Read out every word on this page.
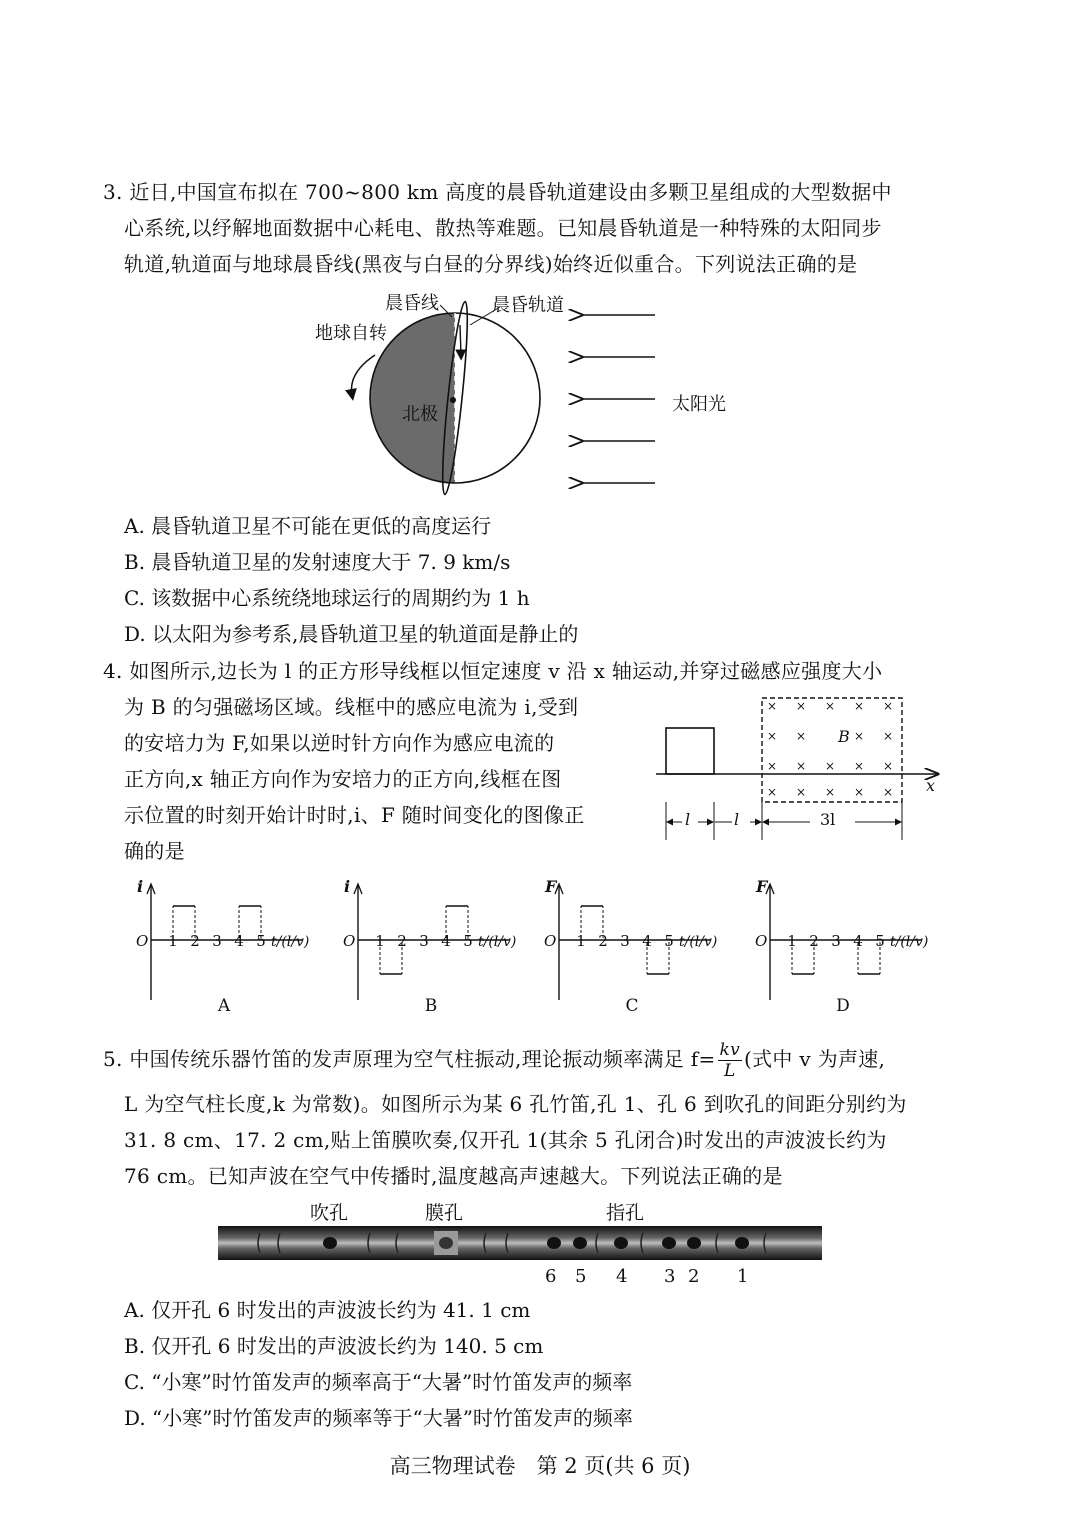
3. 近日,中国宣布拟在 700~800 km 高度的晨昏轨道建设由多颗卫星组成的大型数据中
心系统,以纾解地面数据中心耗电、散热等难题。已知晨昏轨道是一种特殊的太阳同步
轨道,轨道面与地球晨昏线(黑夜与白昼的分界线)始终近似重合。下列说法正确的是
晨昏线	晨昏轨道
地球自转
北极	太阳光
A. 晨昏轨道卫星不可能在更低的高度运行
B. 晨昏轨道卫星的发射速度大于 7. 9 km/s
C. 该数据中心系统绕地球运行的周期约为 1 h
D. 以太阳为参考系,晨昏轨道卫星的轨道面是静止的
4. 如图所示,边长为 l 的正方形导线框以恒定速度 v 沿 x 轴运动,并穿过磁感应强度大小
为 B 的匀强磁场区域。线框中的感应电流为 i,受到
的安培力为 F,如果以逆时针方向作为感应电流的
正方向,x 轴正方向作为安培力的正方向,线框在图
示位置的时刻开始计时时,i、F 随时间变化的图像正
确的是
× × × × ×
× ×	× ×
× × × × ×
× × × × ×
B
x
l	l	3l
i
O 1 2 3 4 5 t/(l/v)
A
i
O 1 2 3 4 5 t/(l/v)
B
F
O 1 2 3 4 5 t/(l/v)
C
F
O 1 2 3 4 5 t/(l/v)
D
5. 中国传统乐器竹笛的发声原理为空气柱振动,理论振动频率满足 $f= \frac{kv}{L}$ (式中 v 为声速,
L 为空气柱长度,k 为常数)。如图所示为某 6 孔竹笛,孔 1、孔 6 到吹孔的间距分别约为
31. 8 cm、17. 2 cm,贴上笛膜吹奏,仅开孔 1(其余 5 孔闭合)时发出的声波波长约为
76 cm。已知声波在空气中传播时,温度越高声速越大。下列说法正确的是
吹孔	膜孔	指孔
6 5 4 3 2 1
A. 仅开孔 6 时发出的声波波长约为 41. 1 cm
B. 仅开孔 6 时发出的声波波长约为 140. 5 cm
C. “小寒”时竹笛发声的频率高于“大暑”时竹笛发声的频率
D. “小寒”时竹笛发声的频率等于“大暑”时竹笛发声的频率
高三物理试卷　第 2 页(共 6 页)
